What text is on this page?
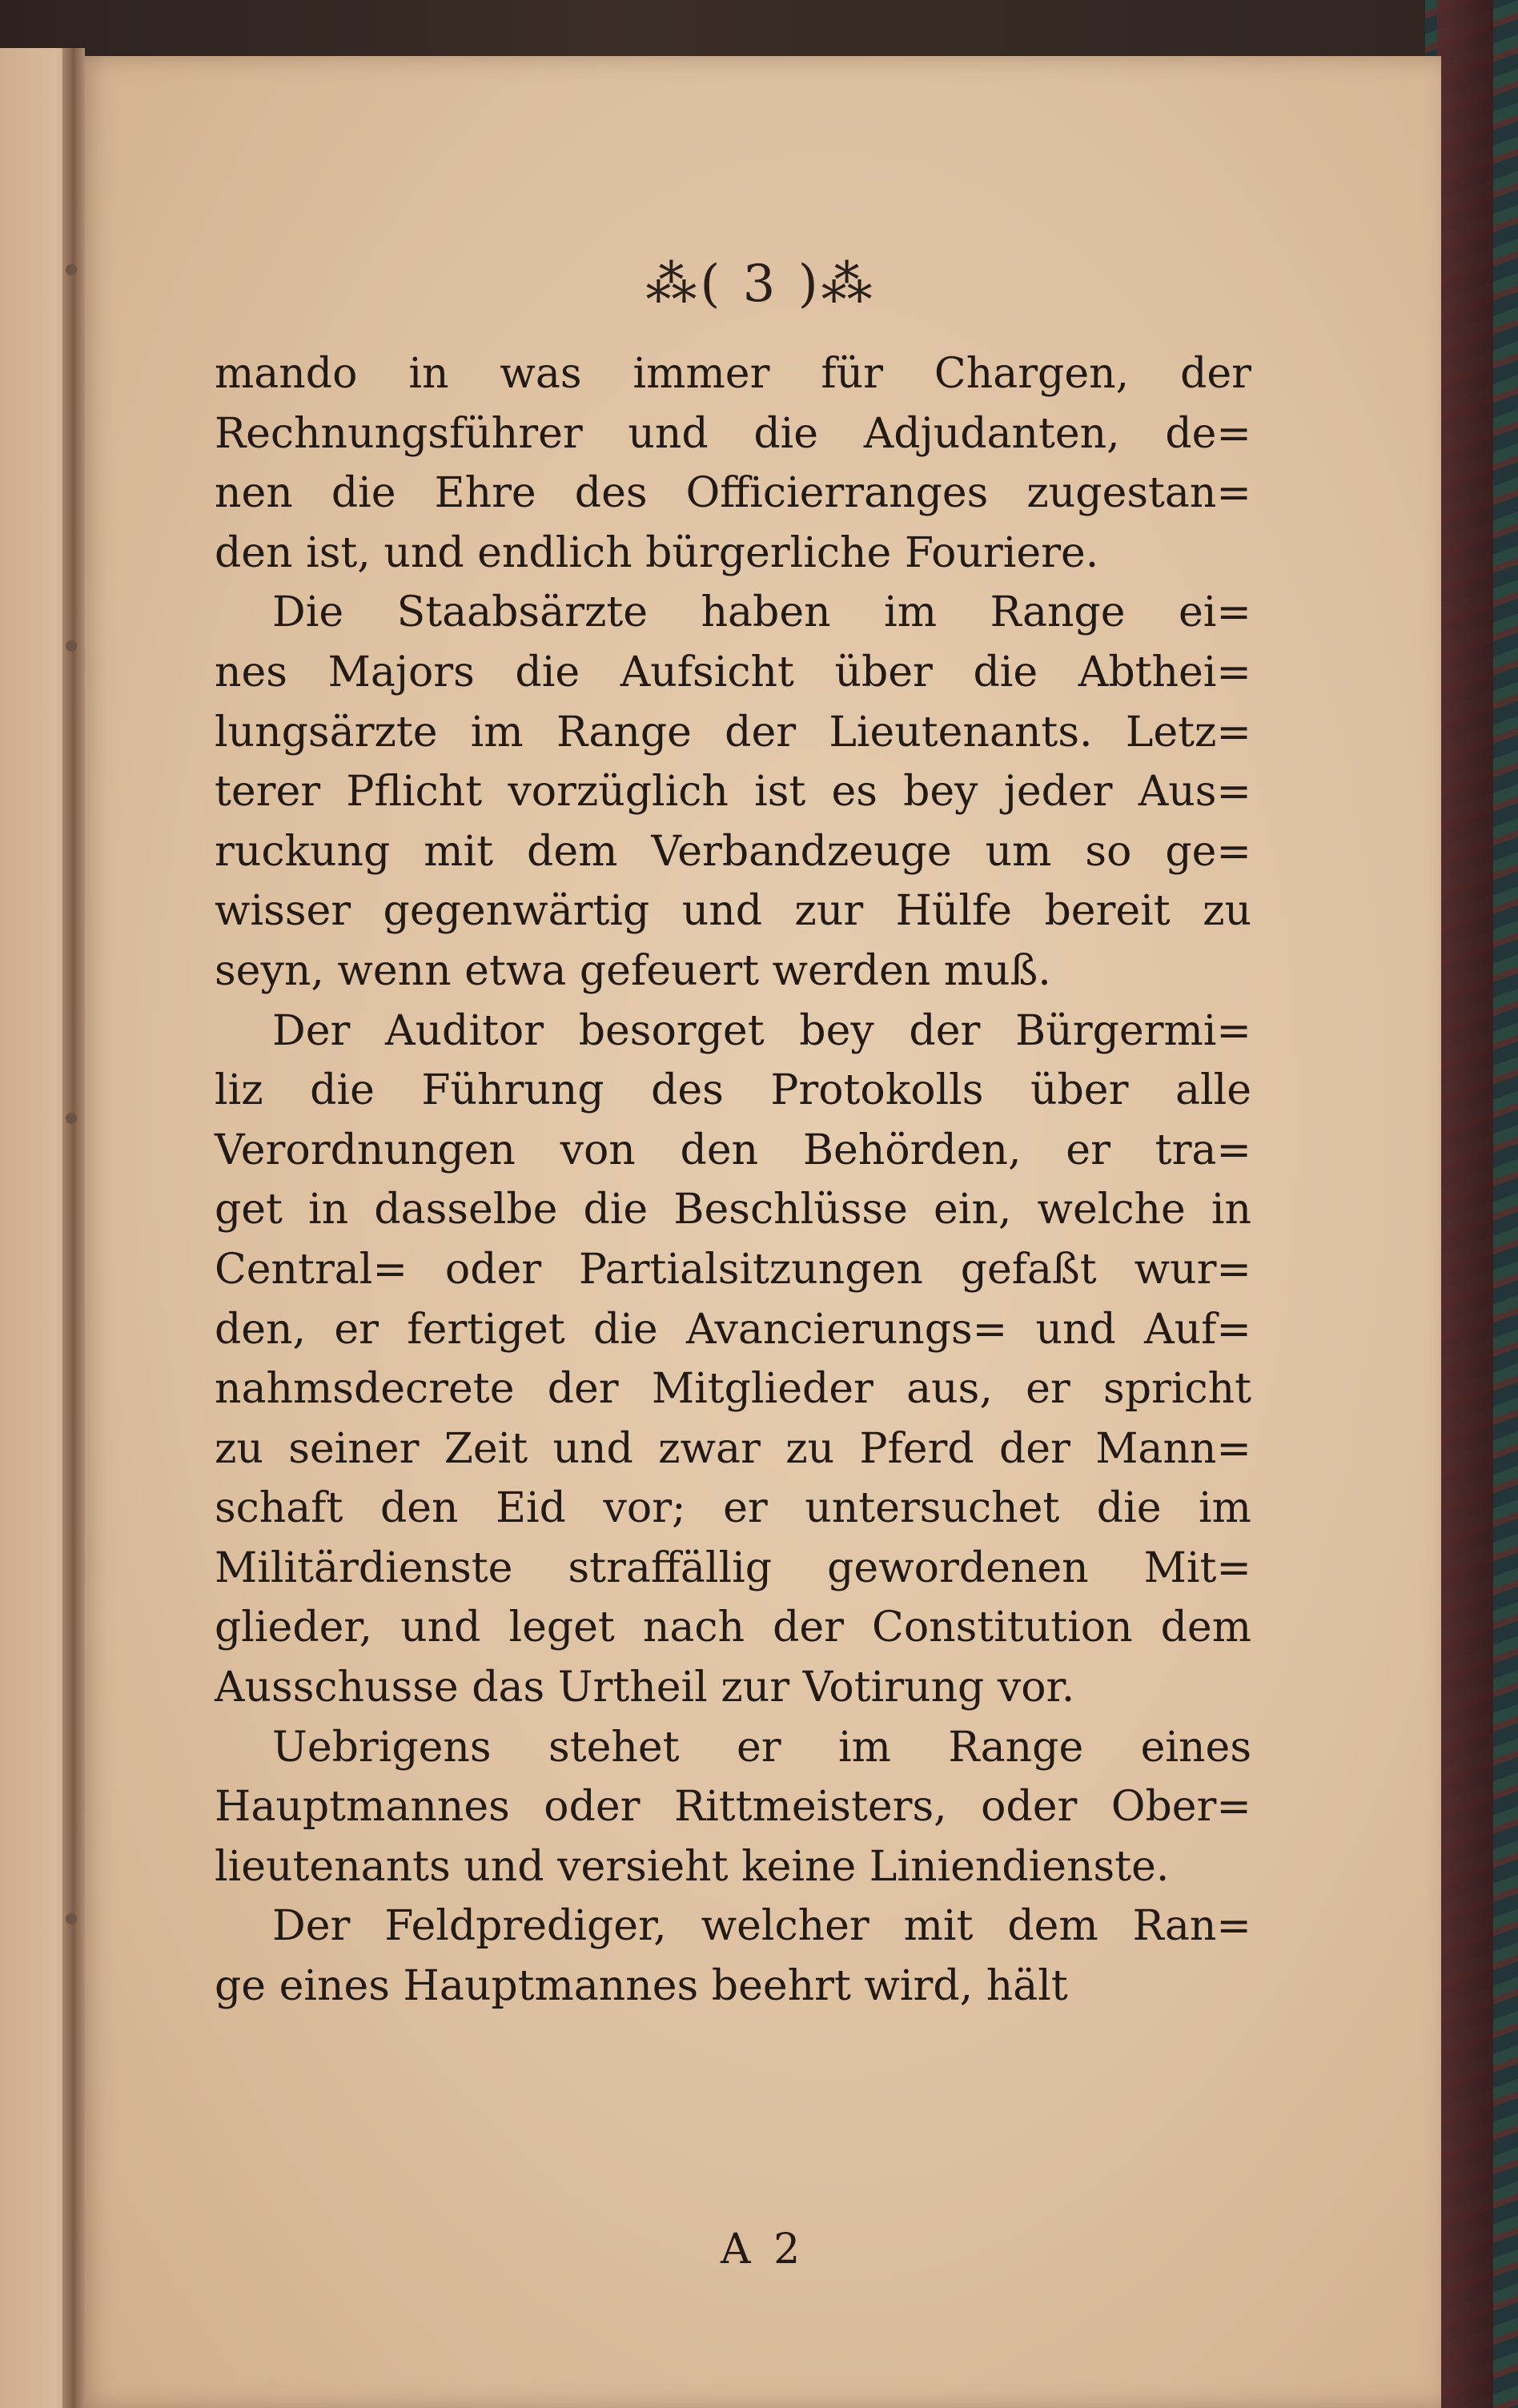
⁂( 3 )⁂
mando in was immer für Chargen, der
Rechnungsführer und die Adjudanten, de=
nen die Ehre des Officierranges zugestan=
den ist, und endlich bürgerliche Fouriere.
Die Staabsärzte haben im Range ei=
nes Majors die Aufsicht über die Abthei=
lungsärzte im Range der Lieutenants. Letz=
terer Pflicht vorzüglich ist es bey jeder Aus=
ruckung mit dem Verbandzeuge um so ge=
wisser gegenwärtig und zur Hülfe bereit zu
seyn, wenn etwa gefeuert werden muß.
Der Auditor besorget bey der Bürgermi=
liz die Führung des Protokolls über alle
Verordnungen von den Behörden, er tra=
get in dasselbe die Beschlüsse ein, welche in
Central= oder Partialsitzungen gefaßt wur=
den, er fertiget die Avancierungs= und Auf=
nahmsdecrete der Mitglieder aus, er spricht
zu seiner Zeit und zwar zu Pferd der Mann=
schaft den Eid vor; er untersuchet die im
Militärdienste straffällig gewordenen Mit=
glieder, und leget nach der Constitution dem
Ausschusse das Urtheil zur Votirung vor.
Uebrigens stehet er im Range eines
Hauptmannes oder Rittmeisters, oder Ober=
lieutenants und versieht keine Liniendienste.
Der Feldprediger, welcher mit dem Ran=
ge eines Hauptmannes beehrt wird, hält
A 2
